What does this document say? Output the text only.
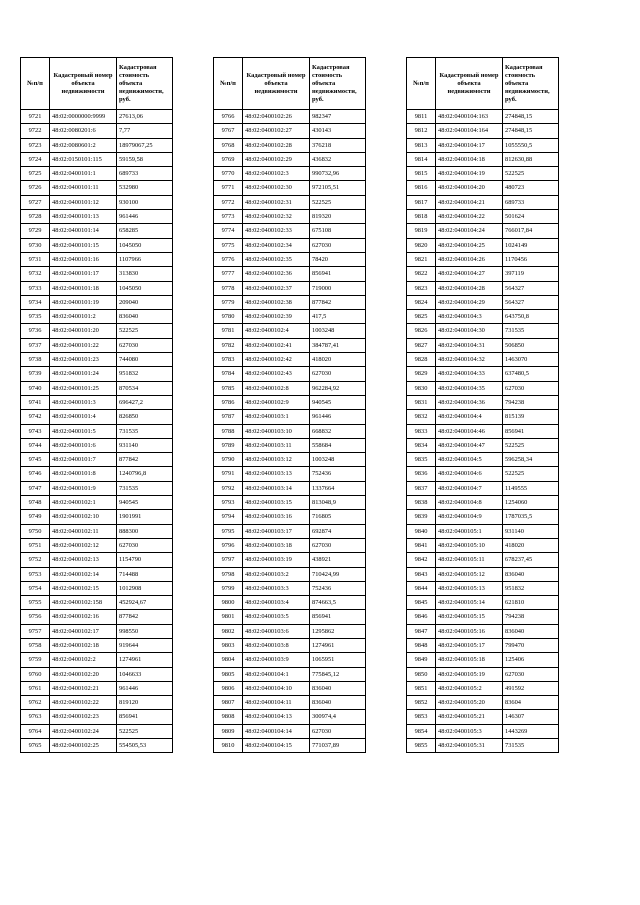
№п/п	Кадастровый номер объекта недвижимости	Кадастровая стоимость объекта недвижимости, руб.
9721	48:02:0000000:9999	27613,06
9722	48:02:0080201:6	7,77
9723	48:02:0080601:2	18979067,25
9724	48:02:0150101:115	59159,58
9725	48:02:0400101:1	689733
9726	48:02:0400101:11	532980
9727	48:02:0400101:12	930100
9728	48:02:0400101:13	961446
9729	48:02:0400101:14	658285
9730	48:02:0400101:15	1045050
9731	48:02:0400101:16	1107966
9732	48:02:0400101:17	313830
9733	48:02:0400101:18	1045050
9734	48:02:0400101:19	209040
9735	48:02:0400101:2	836040
9736	48:02:0400101:20	522525
9737	48:02:0400101:22	627030
9738	48:02:0400101:23	744080
9739	48:02:0400101:24	951832
9740	48:02:0400101:25	870534
9741	48:02:0400101:3	696427,2
9742	48:02:0400101:4	826850
9743	48:02:0400101:5	731535
9744	48:02:0400101:6	931140
9745	48:02:0400101:7	877842
9746	48:02:0400101:8	1240796,8
9747	48:02:0400101:9	731535
9748	48:02:0400102:1	940545
9749	48:02:0400102:10	1901991
9750	48:02:0400102:11	888300
9751	48:02:0400102:12	627030
9752	48:02:0400102:13	1154790
9753	48:02:0400102:14	714488
9754	48:02:0400102:15	1012908
9755	48:02:0400102:158	452924,67
9756	48:02:0400102:16	877842
9757	48:02:0400102:17	998550
9758	48:02:0400102:18	919644
9759	48:02:0400102:2	1274961
9760	48:02:0400102:20	1046633
9761	48:02:0400102:21	961446
9762	48:02:0400102:22	819120
9763	48:02:0400102:23	856941
9764	48:02:0400102:24	522525
9765	48:02:0400102:25	554505,53
№п/п	Кадастровый номер объекта недвижимости	Кадастровая стоимость объекта недвижимости, руб.
9766	48:02:0400102:26	982347
9767	48:02:0400102:27	430143
9768	48:02:0400102:28	376218
9769	48:02:0400102:29	436832
9770	48:02:0400102:3	990732,96
9771	48:02:0400102:30	972105,51
9772	48:02:0400102:31	522525
9773	48:02:0400102:32	819320
9774	48:02:0400102:33	675108
9775	48:02:0400102:34	627030
9776	48:02:0400102:35	78420
9777	48:02:0400102:36	856941
9778	48:02:0400102:37	719000
9779	48:02:0400102:38	877842
9780	48:02:0400102:39	417,5
9781	48:02:0400102:4	1003248
9782	48:02:0400102:41	384787,41
9783	48:02:0400102:42	418020
9784	48:02:0400102:43	627030
9785	48:02:0400102:8	962284,92
9786	48:02:0400102:9	940545
9787	48:02:0400103:1	961446
9788	48:02:0400103:10	668832
9789	48:02:0400103:11	558684
9790	48:02:0400103:12	1003248
9791	48:02:0400103:13	752436
9792	48:02:0400103:14	1337664
9793	48:02:0400103:15	813048,9
9794	48:02:0400103:16	716805
9795	48:02:0400103:17	692874
9796	48:02:0400103:18	627030
9797	48:02:0400103:19	438921
9798	48:02:0400103:2	710424,99
9799	48:02:0400103:3	752436
9800	48:02:0400103:4	874663,5
9801	48:02:0400103:5	856941
9802	48:02:0400103:6	1295862
9803	48:02:0400103:8	1274961
9804	48:02:0400103:9	1065951
9805	48:02:0400104:1	775845,12
9806	48:02:0400104:10	836040
9807	48:02:0400104:11	836040
9808	48:02:0400104:13	300974,4
9809	48:02:0400104:14	627030
9810	48:02:0400104:15	771037,89
№п/п	Кадастровый номер объекта недвижимости	Кадастровая стоимость объекта недвижимости, руб.
9811	48:02:0400104:163	274848,15
9812	48:02:0400104:164	274848,15
9813	48:02:0400104:17	1055550,5
9814	48:02:0400104:18	812630,88
9815	48:02:0400104:19	522525
9816	48:02:0400104:20	480723
9817	48:02:0400104:21	689733
9818	48:02:0400104:22	501624
9819	48:02:0400104:24	766017,84
9820	48:02:0400104:25	1024149
9821	48:02:0400104:26	1170456
9822	48:02:0400104:27	397119
9823	48:02:0400104:28	564327
9824	48:02:0400104:29	564327
9825	48:02:0400104:3	643750,8
9826	48:02:0400104:30	731535
9827	48:02:0400104:31	506850
9828	48:02:0400104:32	1463070
9829	48:02:0400104:33	637480,5
9830	48:02:0400104:35	627030
9831	48:02:0400104:36	794238
9832	48:02:0400104:4	815139
9833	48:02:0400104:46	856941
9834	48:02:0400104:47	522525
9835	48:02:0400104:5	596258,34
9836	48:02:0400104:6	522525
9837	48:02:0400104:7	1149555
9838	48:02:0400104:8	1254060
9839	48:02:0400104:9	1787035,5
9840	48:02:0400105:1	931140
9841	48:02:0400105:10	418020
9842	48:02:0400105:11	678237,45
9843	48:02:0400105:12	836040
9844	48:02:0400105:13	951832
9845	48:02:0400105:14	621810
9846	48:02:0400105:15	794238
9847	48:02:0400105:16	836040
9848	48:02:0400105:17	799470
9849	48:02:0400105:18	125406
9850	48:02:0400105:19	627030
9851	48:02:0400105:2	491592
9852	48:02:0400105:20	83604
9853	48:02:0400105:21	146307
9854	48:02:0400105:3	1443269
9855	48:02:0400105:31	731535
